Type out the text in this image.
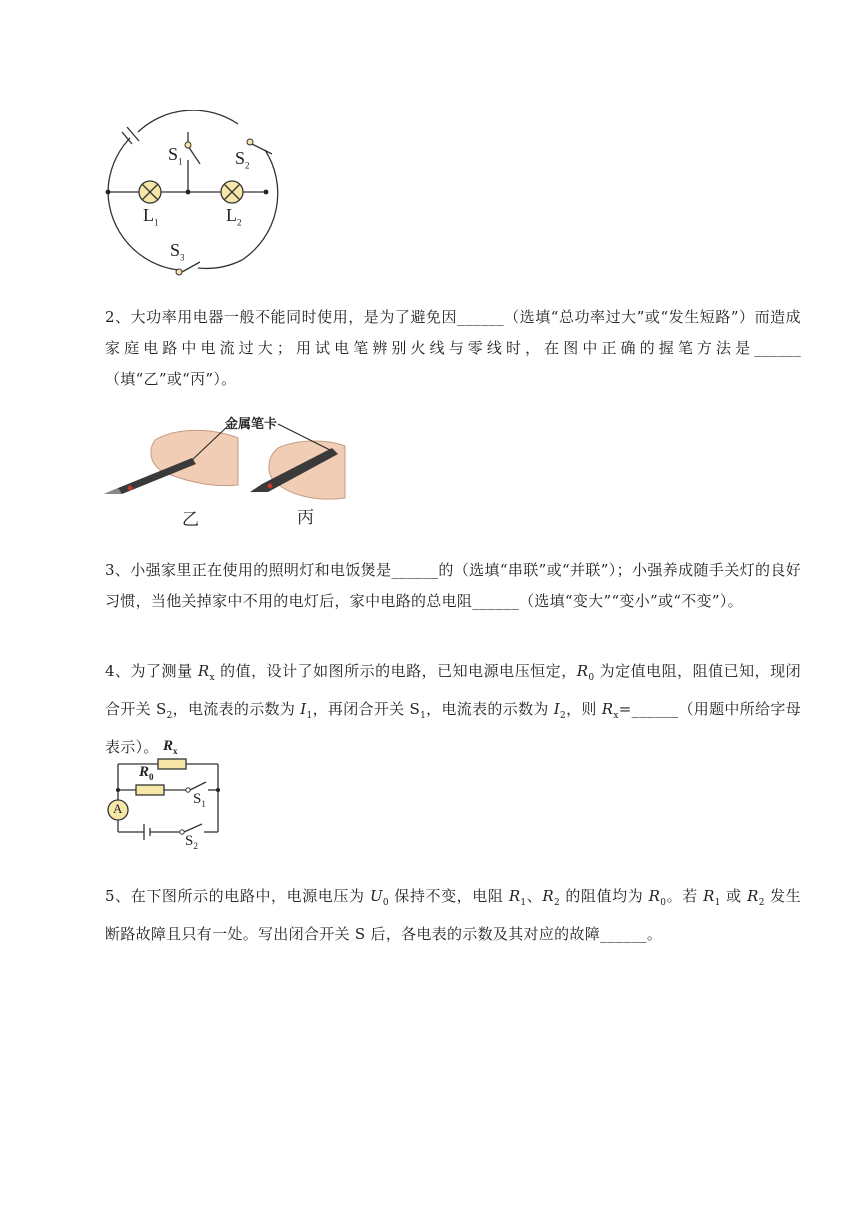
$S_1$	$S_2$
$L_1$	$L_2$
$S_3$

2、大功率用电器一般不能同时使用，是为了避免因______（选填“总功率过大”或“发生短路”）而造成家庭电路中电流过大；用试电笔辨别火线与零线时，在图中正确的握笔方法是______（填“乙”或“丙”）。

金属笔卡
乙	丙

3、小强家里正在使用的照明灯和电饭煲是______的（选填“串联”或“并联”）；小强养成随手关灯的良好习惯，当他关掉家中不用的电灯后，家中电路的总电阻______（选填“变大”“变小”或“不变”）。

4、为了测量 $R_x$ 的值，设计了如图所示的电路，已知电源电压恒定，$R_0$ 为定值电阻，阻值已知，现闭合开关 $S_2$，电流表的示数为 $I_1$，再闭合开关 $S_1$，电流表的示数为 $I_2$，则 $R_x=\_\_\_\_\_\_$（用题中所给字母表示）。 $R_x$
$R_0$
A
$S_1$
$S_2$

5、在下图所示的电路中，电源电压为 $U_0$ 保持不变，电阻 $R_1$、$R_2$ 的阻值均为 $R_0$。若 $R_1$ 或 $R_2$ 发生断路故障且只有一处。写出闭合开关 S 后，各电表的示数及其对应的故障______。
